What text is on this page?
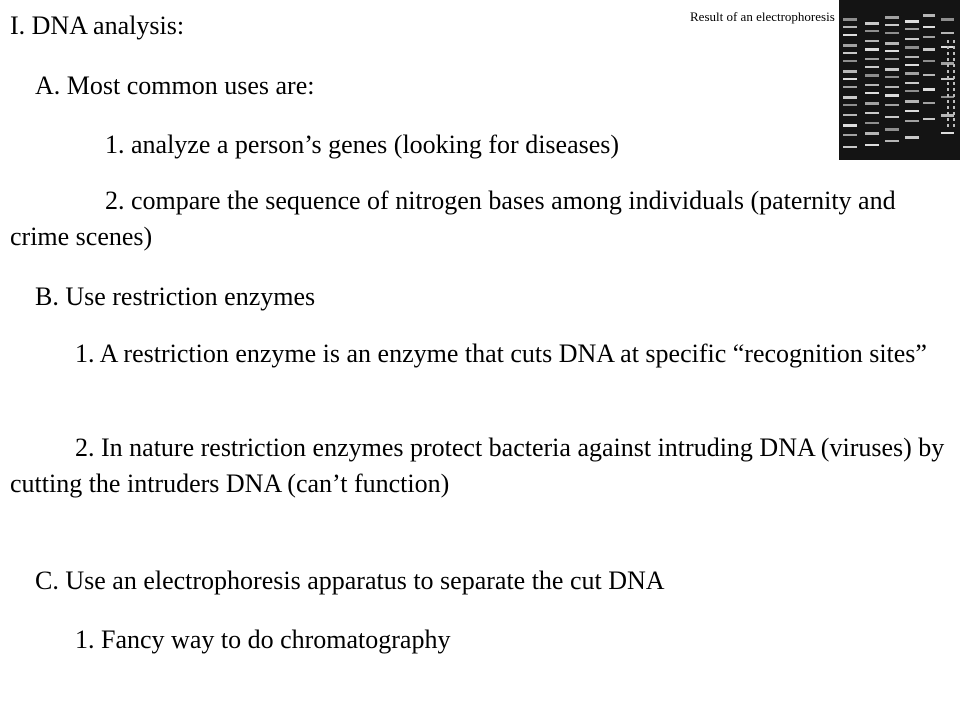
I. DNA analysis:

A. Most common uses are:

1. analyze a person’s genes (looking for diseases)

2. compare the sequence of nitrogen bases among individuals (paternity and crime scenes)

B. Use restriction enzymes

1. A restriction enzyme is an enzyme that cuts DNA at specific “recognition sites”

2. In nature restriction enzymes protect bacteria against intruding DNA (viruses) by cutting the intruders DNA (can’t function)

C. Use an electrophoresis apparatus to separate the cut DNA

1. Fancy way to do chromatography

Result of an electrophoresis
